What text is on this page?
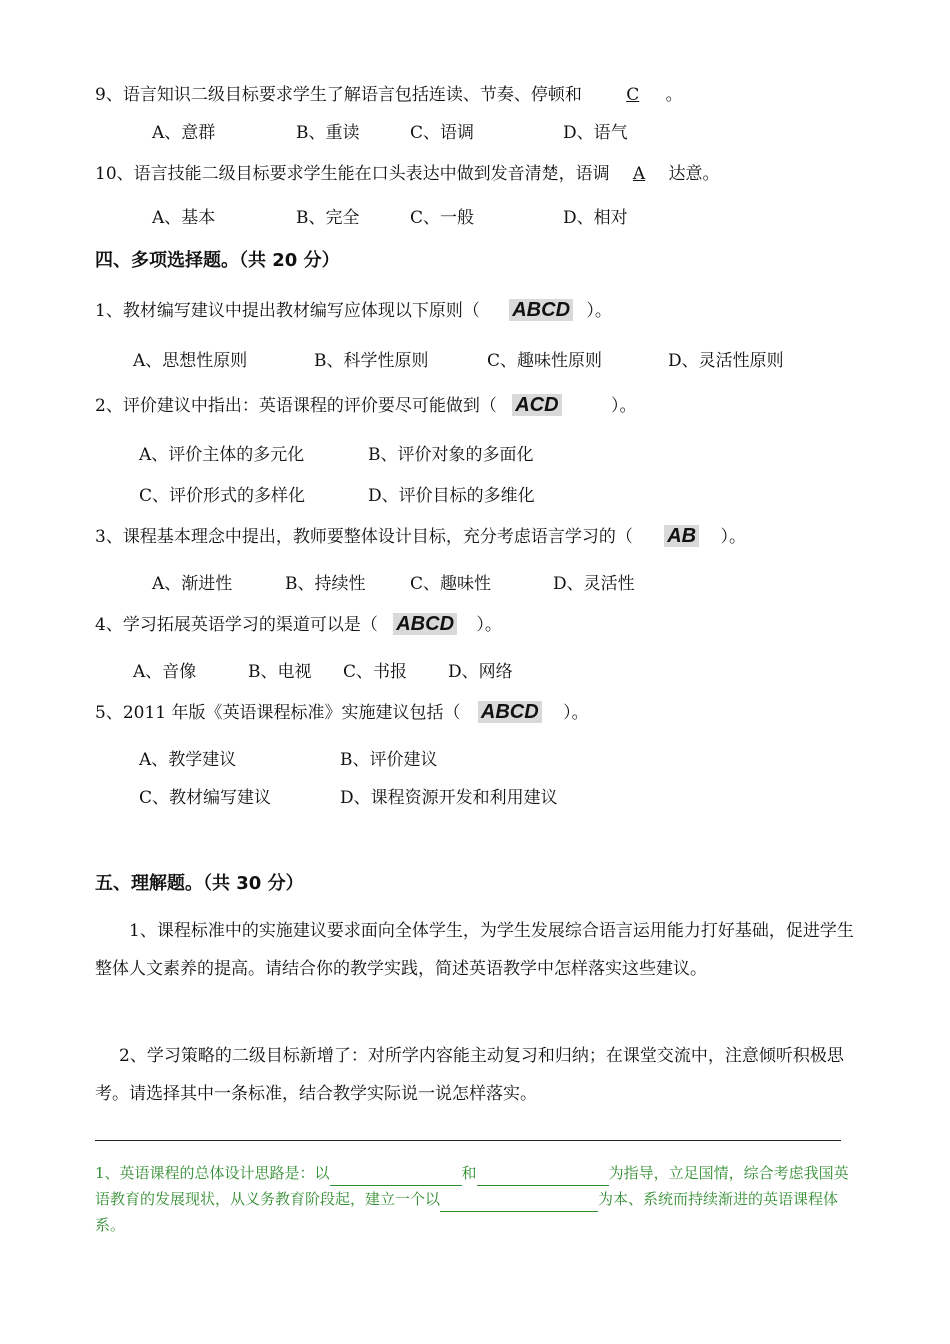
9、语言知识二级目标要求学生了解语言包括连读、节奏、停顿和	C 。
A、意群	B、重读	C、语调	D、语气
10、语言技能二级目标要求学生能在口头表达中做到发音清楚，语调 A 达意。
A、基本	B、完全	C、一般	D、相对
四、多项选择题。（共 20 分）
1、教材编写建议中提出教材编写应体现以下原则（ ABCD ）。
A、思想性原则	B、科学性原则	C、趣味性原则	D、灵活性原则
2、评价建议中指出：英语课程的评价要尽可能做到（ ACD	）。
A、评价主体的多元化	B、评价对象的多面化
C、评价形式的多样化	D、评价目标的多维化
3、课程基本理念中提出，教师要整体设计目标，充分考虑语言学习的（ AB ）。
A、渐进性	B、持续性	C、趣味性	D、灵活性
4、学习拓展英语学习的渠道可以是（ ABCD ）。
A、音像	B、电视 C、书报 D、网络
5、2011 年版《英语课程标准》实施建议包括（ ABCD ）。
A、教学建议	B、评价建议
C、教材编写建议	D、课程资源开发和利用建议
五、理解题。（共 30 分）
1、课程标准中的实施建议要求面向全体学生，为学生发展综合语言运用能力打好基础，促进学生整体人文素养的提高。请结合你的教学实践，简述英语教学中怎样落实这些建议。
2、学习策略的二级目标新增了：对所学内容能主动复习和归纳；在课堂交流中，注意倾听积极思考。请选择其中一条标准，结合教学实际说一说怎样落实。
1、英语课程的总体设计思路是：以	和	为指导，立足国情，综合考虑我国英语教育的发展现状，从义务教育阶段起，建立一个以	为本、系统而持续渐进的英语课程体系。
